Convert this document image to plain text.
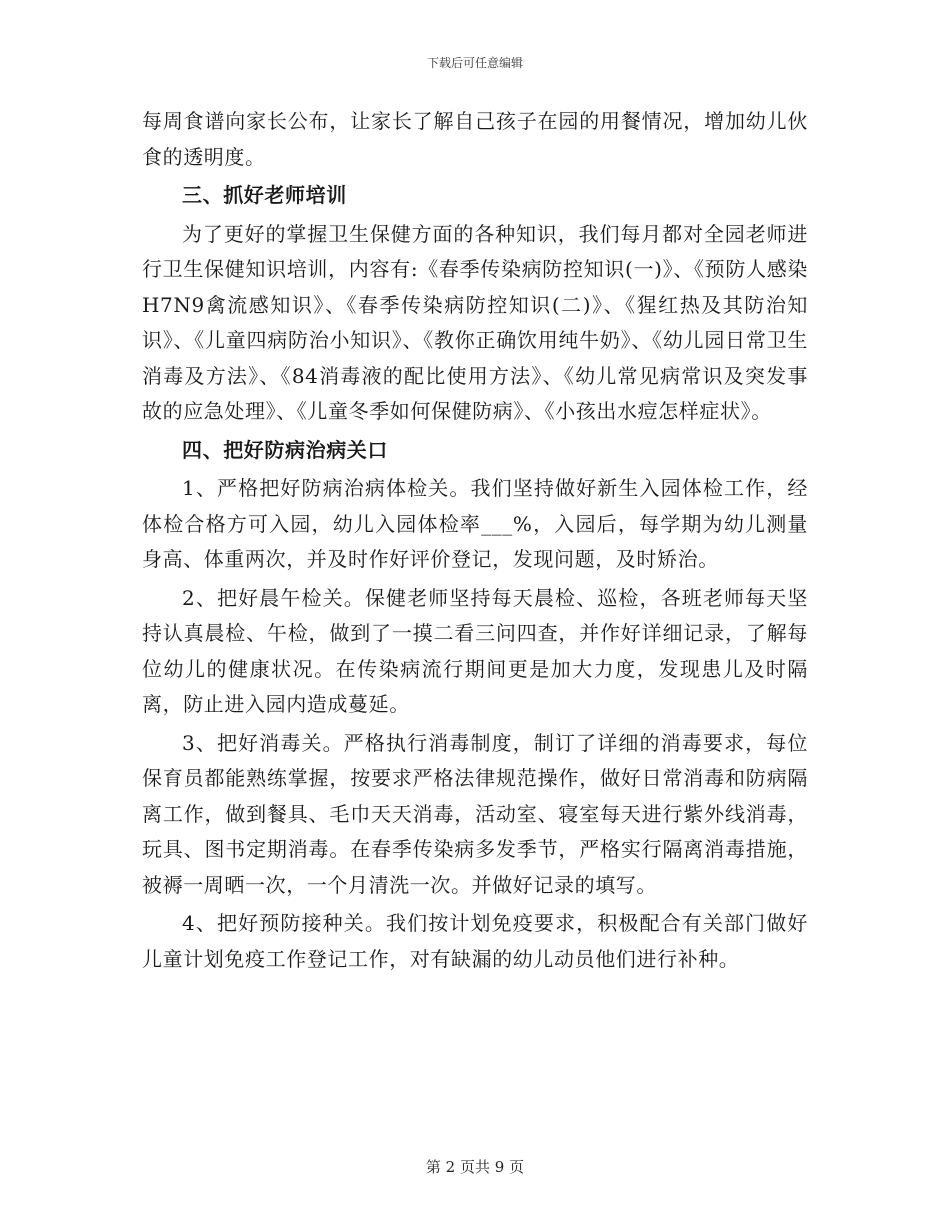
下载后可任意编辑

每周食谱向家长公布，让家长了解自己孩子在园的用餐情况，增加幼儿伙食的透明度。

三、抓好老师培训

为了更好的掌握卫生保健方面的各种知识，我们每月都对全园老师进行卫生保健知识培训，内容有:《春季传染病防控知识(一)》、《预防人感染H7N9禽流感知识》、《春季传染病防控知识(二)》、《猩红热及其防治知识》、《儿童四病防治小知识》、《教你正确饮用纯牛奶》、《幼儿园日常卫生消毒及方法》、《84消毒液的配比使用方法》、《幼儿常见病常识及突发事故的应急处理》、《儿童冬季如何保健防病》、《小孩出水痘怎样症状》。

四、把好防病治病关口

1、严格把好防病治病体检关。我们坚持做好新生入园体检工作，经体检合格方可入园，幼儿入园体检率___%，入园后，每学期为幼儿测量身高、体重两次，并及时作好评价登记，发现问题，及时矫治。

2、把好晨午检关。保健老师坚持每天晨检、巡检，各班老师每天坚持认真晨检、午检，做到了一摸二看三问四查，并作好详细记录，了解每位幼儿的健康状况。在传染病流行期间更是加大力度，发现患儿及时隔离，防止进入园内造成蔓延。

3、把好消毒关。严格执行消毒制度，制订了详细的消毒要求，每位保育员都能熟练掌握，按要求严格法律规范操作，做好日常消毒和防病隔离工作，做到餐具、毛巾天天消毒，活动室、寝室每天进行紫外线消毒，玩具、图书定期消毒。在春季传染病多发季节，严格实行隔离消毒措施，被褥一周晒一次，一个月清洗一次。并做好记录的填写。

4、把好预防接种关。我们按计划免疫要求，积极配合有关部门做好儿童计划免疫工作登记工作，对有缺漏的幼儿动员他们进行补种。

第 2 页共 9 页
